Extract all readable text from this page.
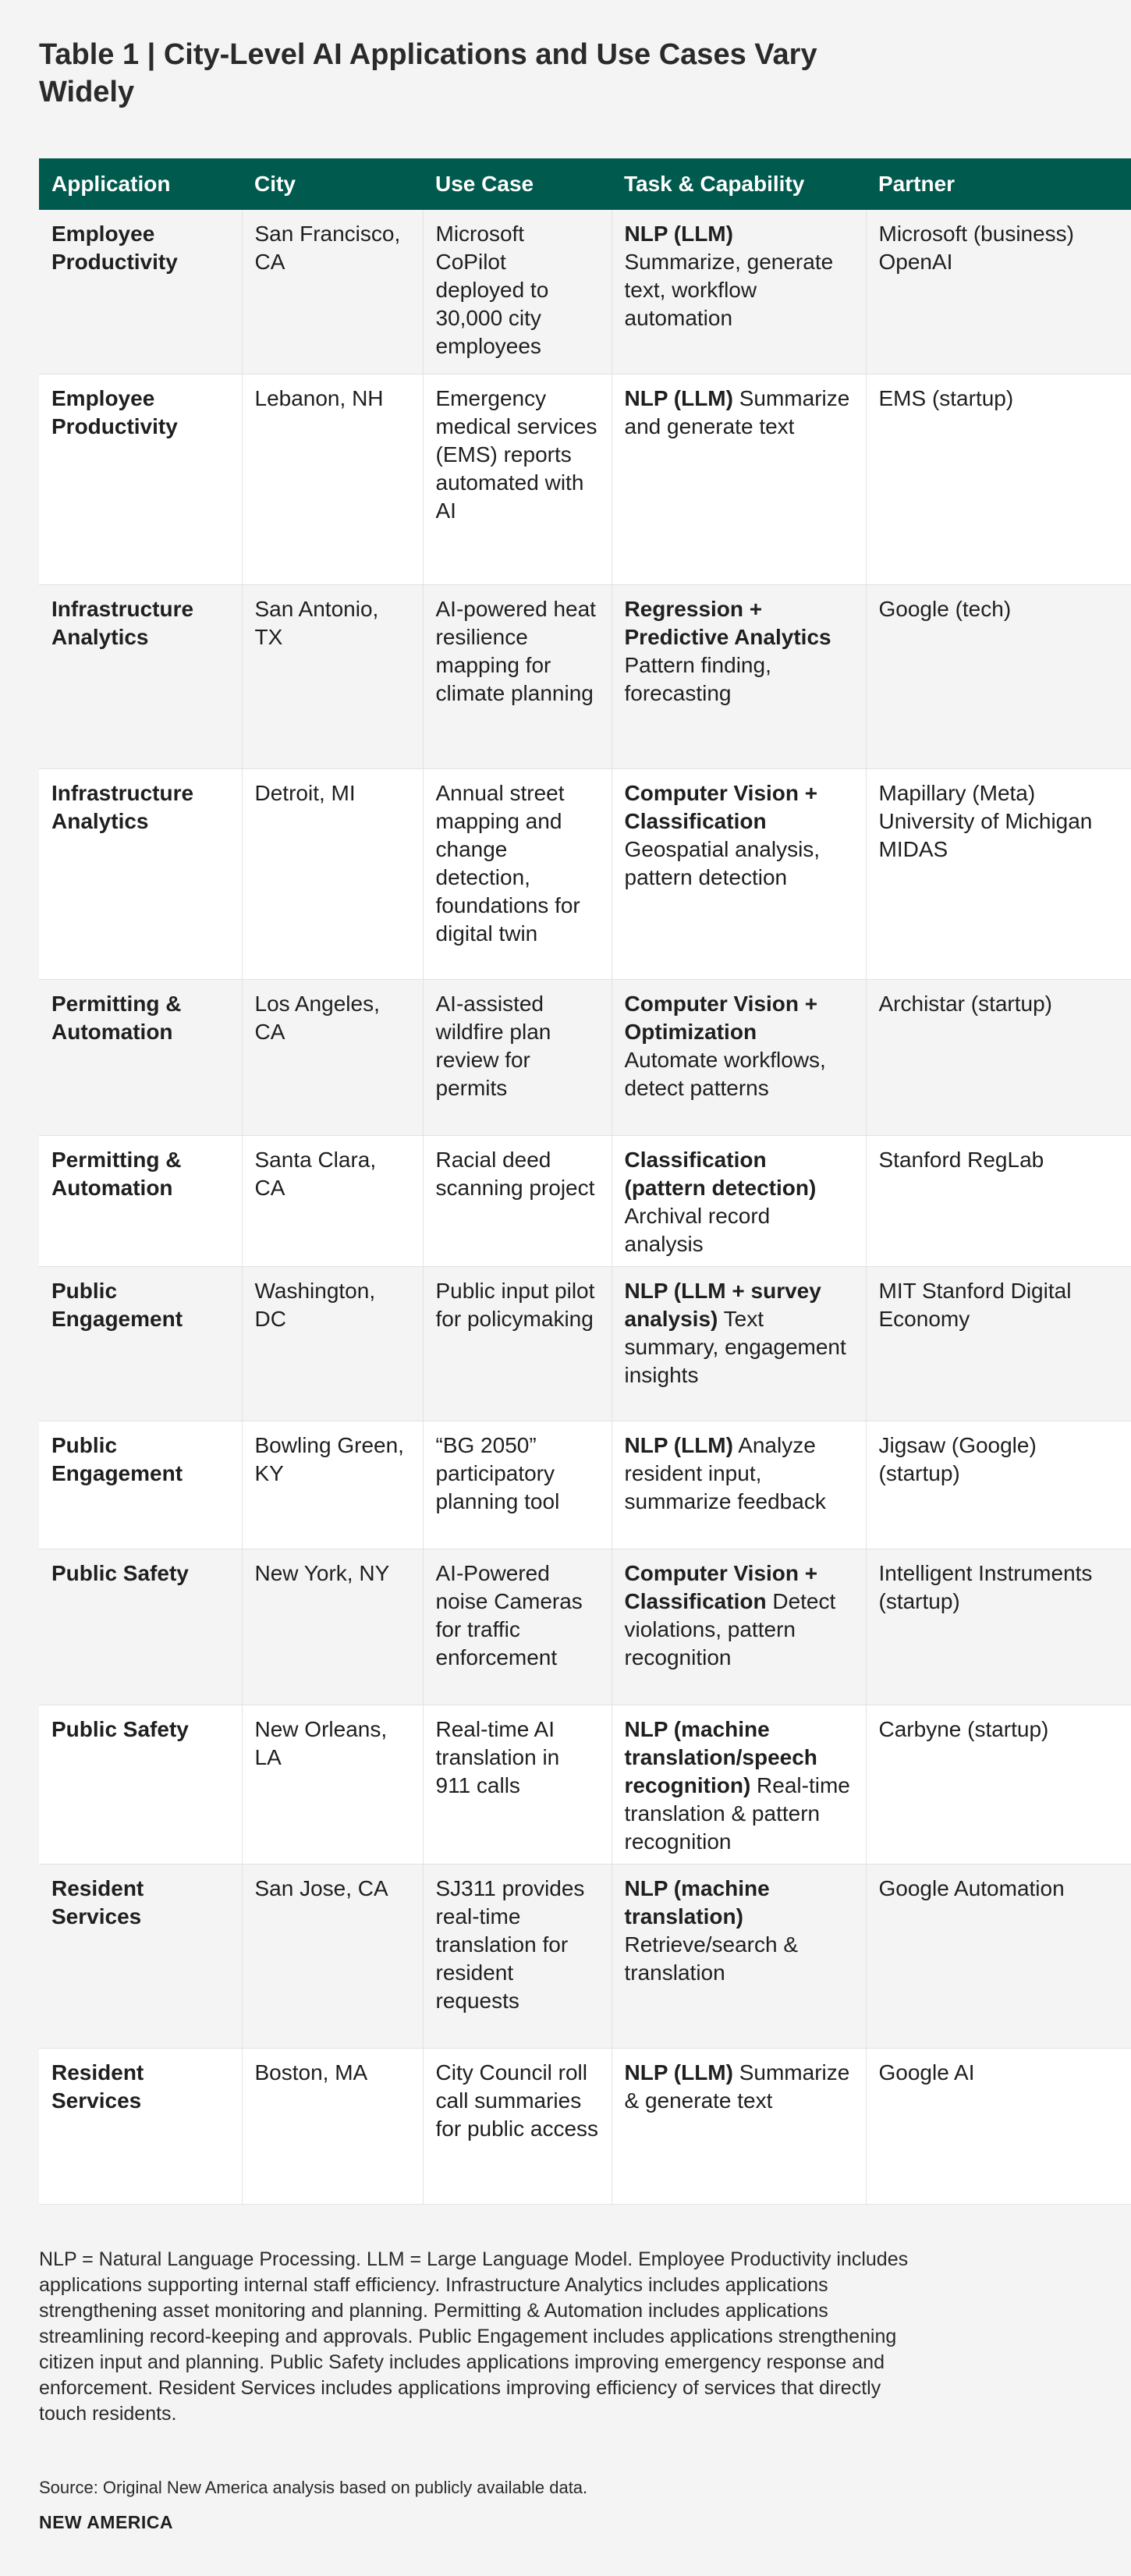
Table 1 | City-Level AI Applications and Use Cases Vary Widely
Application	City	Use Case	Task & Capability	Partner
Employee Productivity	San Francisco, CA	Microsoft CoPilot deployed to 30,000 city employees	NLP (LLM) Summarize, generate text, workflow automation	Microsoft (business) OpenAI
Employee Productivity	Lebanon, NH	Emergency medical services (EMS) reports automated with AI	NLP (LLM) Summarize and generate text	EMS (startup)
Infrastructure Analytics	San Antonio, TX	AI-powered heat resilience mapping for climate planning	Regression + Predictive Analytics Pattern finding, forecasting	Google (tech)
Infrastructure Analytics	Detroit, MI	Annual street mapping and change detection, foundations for digital twin	Computer Vision + Classification Geospatial analysis, pattern detection	Mapillary (Meta) University of Michigan MIDAS
Permitting & Automation	Los Angeles, CA	AI-assisted wildfire plan review for permits	Computer Vision + Optimization Automate workflows, detect patterns	Archistar (startup)
Permitting & Automation	Santa Clara, CA	Racial deed scanning project	Classification (pattern detection) Archival record analysis	Stanford RegLab
Public Engagement	Washington, DC	Public input pilot for policymaking	NLP (LLM + survey analysis) Text summary, engagement insights	MIT Stanford Digital Economy
Public Engagement	Bowling Green, KY	“BG 2050” participatory planning tool	NLP (LLM) Analyze resident input, summarize feedback	Jigsaw (Google) (startup)
Public Safety	New York, NY	AI-Powered noise Cameras for traffic enforcement	Computer Vision + Classification Detect violations, pattern recognition	Intelligent Instruments (startup)
Public Safety	New Orleans, LA	Real-time AI translation in 911 calls	NLP (machine translation/speech recognition) Real-time translation & pattern recognition	Carbyne (startup)
Resident Services	San Jose, CA	SJ311 provides real-time translation for resident requests	NLP (machine translation) Retrieve/search & translation	Google Automation
Resident Services	Boston, MA	City Council roll call summaries for public access	NLP (LLM) Summarize & generate text	Google AI

NLP = Natural Language Processing. LLM = Large Language Model. Employee Productivity includes applications supporting internal staff efficiency. Infrastructure Analytics includes applications strengthening asset monitoring and planning. Permitting & Automation includes applications streamlining record-keeping and approvals. Public Engagement includes applications strengthening citizen input and planning. Public Safety includes applications improving emergency response and enforcement. Resident Services includes applications improving efficiency of services that directly touch residents.

Source: Original New America analysis based on publicly available data.

NEW AMERICA
